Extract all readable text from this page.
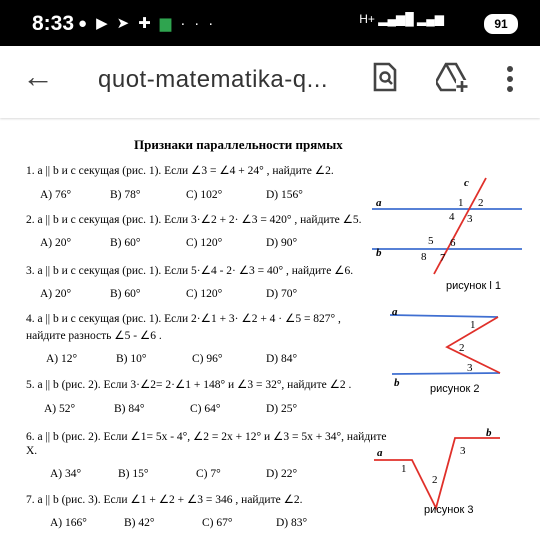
8:33 ●▶➤✚▆···	H+ ▂▄▆█ ▂▄▆	91
← quot-matematika-q...
Признаки параллельности прямых
1. a || b и с секущая (рис. 1). Если ∠3 = ∠4 + 24° , найдите ∠2.
A) 76°	B) 78°	C) 102°	D) 156°
2. a || b и с секущая (рис. 1). Если 3·∠2 + 2· ∠3 = 420° , найдите ∠5.
A) 20°	B) 60°	C) 120°	D) 90°
3. a || b и с секущая (рис. 1). Если 5·∠4 - 2· ∠3 = 40° , найдите ∠6.
A) 20°	B) 60°	C) 120°	D) 70°
4. a || b и с секущая (рис. 1). Если 2·∠1 + 3· ∠2 + 4 · ∠5 = 827° ,
найдите разность ∠5 - ∠6 .
A) 12°	B) 10°	C) 96°	D) 84°
5. a || b (рис. 2). Если 3·∠2= 2·∠1 + 148° и ∠3 = 32°, найдите ∠2 .
A) 52°	B) 84°	C) 64°	D) 25°
6. a || b (рис. 2). Если ∠1= 5x - 4°, ∠2 = 2x + 12° и ∠3 = 5x + 34°, найдите
X.
A) 34°	B) 15°	C) 7°	D) 22°
7. a || b (рис. 3). Если ∠1 + ∠2 + ∠3 = 346 , найдите ∠2.
A) 166°	B) 42°	C) 67°	D) 83°
a
b
c
1 2
3
4
5 6
7
8
a
b
1
2
3
a
b
1
2
3
рисунок l 1
рисунок 2
рисунок 3
